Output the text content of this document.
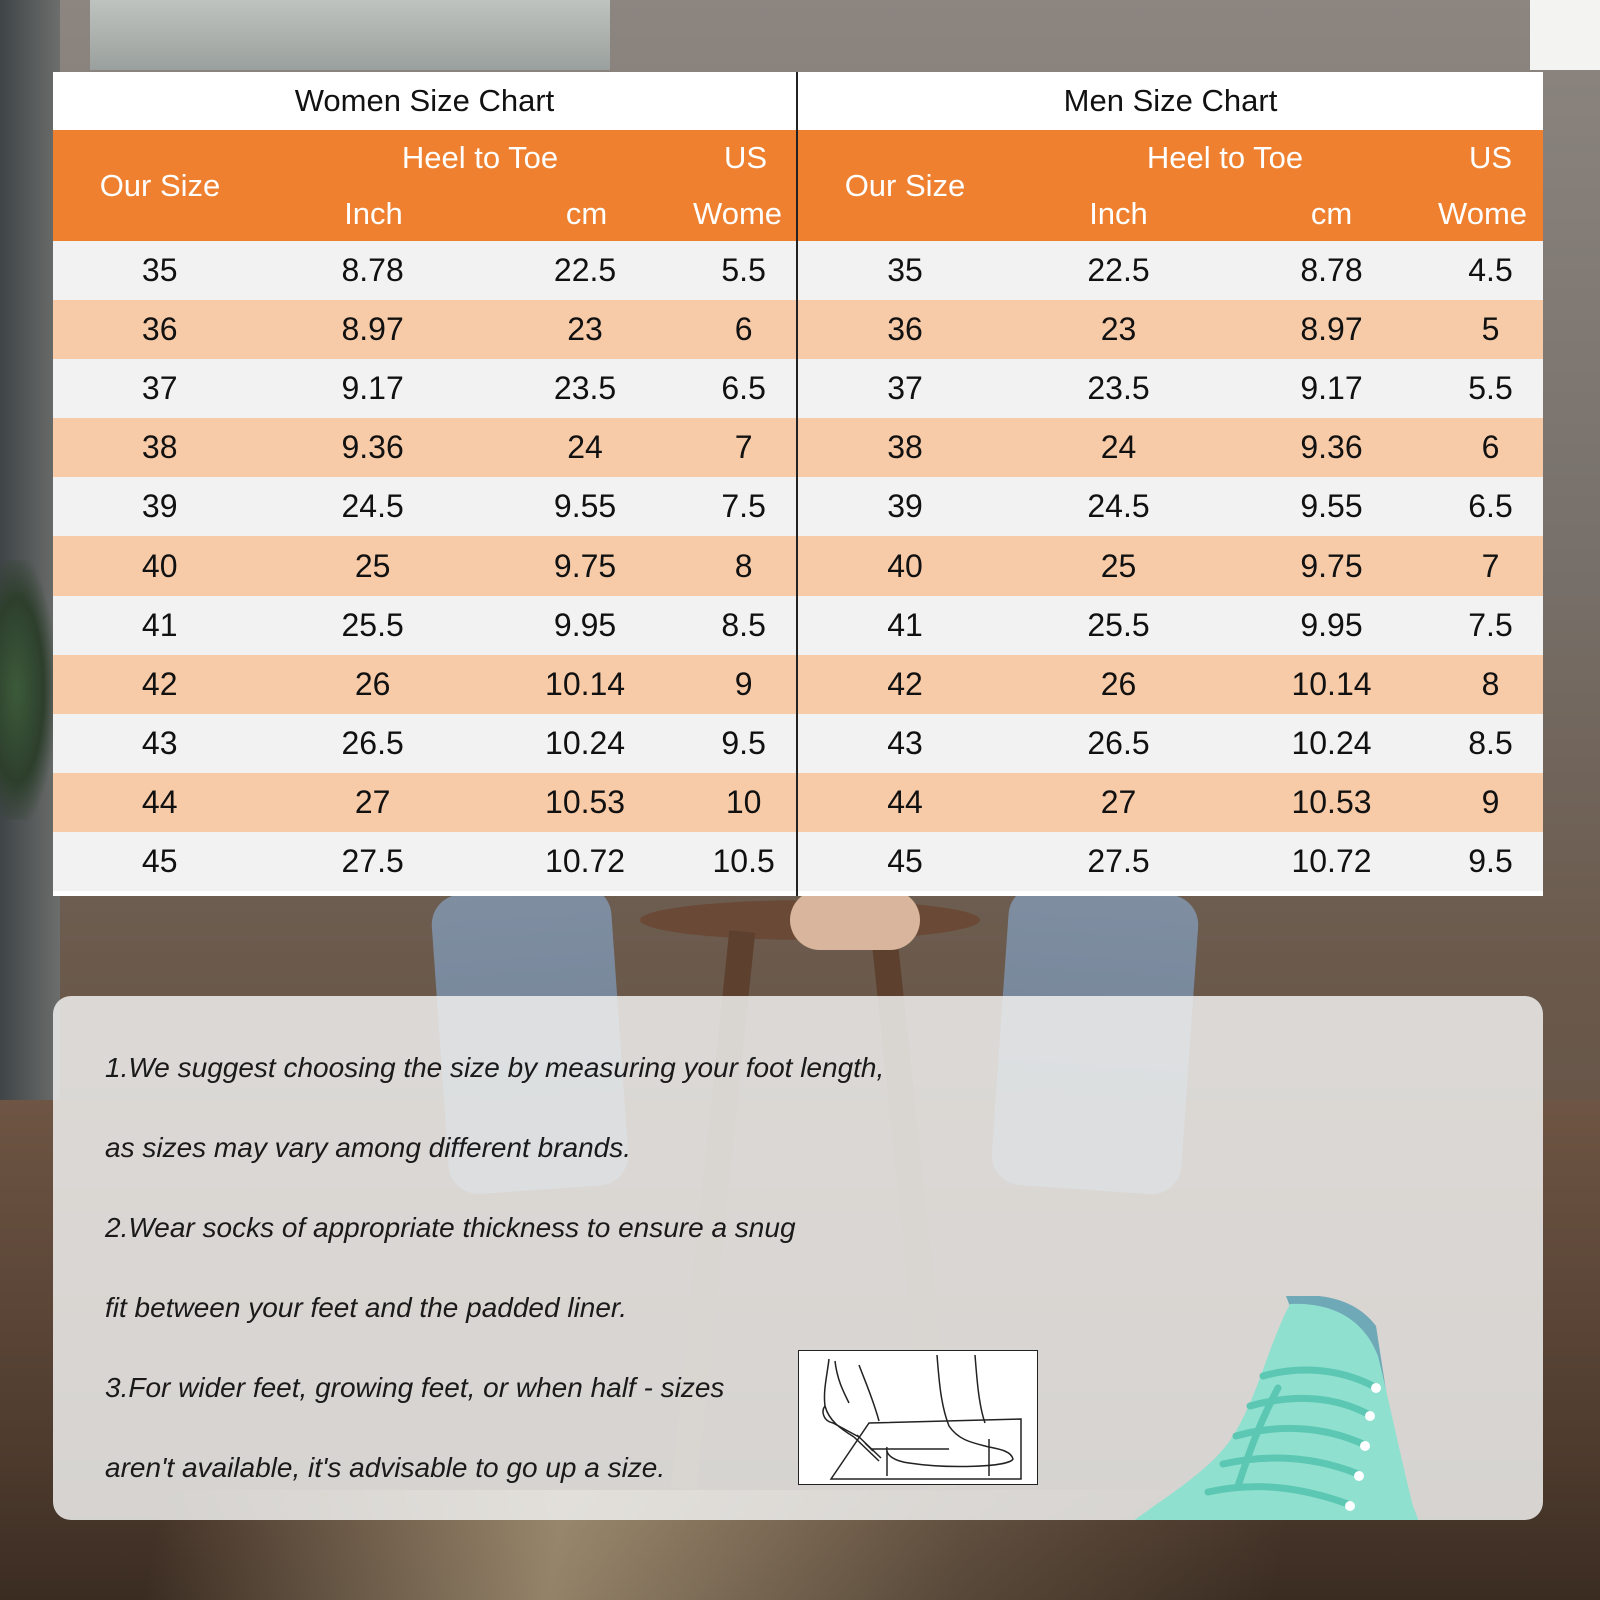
Women Size Chart
Our Size
Heel to Toe	US
Inch	cm	Wome
35	8.78	22.5	5.5
36	8.97	23	6
37	9.17	23.5	6.5
38	9.36	24	7
39	24.5	9.55	7.5
40	25	9.75	8
41	25.5	9.95	8.5
42	26	10.14	9
43	26.5	10.24	9.5
44	27	10.53	10
45	27.5	10.72	10.5
Men Size Chart
Our Size
Heel to Toe	US
Inch	cm	Wome
35	22.5	8.78	4.5
36	23	8.97	5
37	23.5	9.17	5.5
38	24	9.36	6
39	24.5	9.55	6.5
40	25	9.75	7
41	25.5	9.95	7.5
42	26	10.14	8
43	26.5	10.24	8.5
44	27	10.53	9
45	27.5	10.72	9.5
1.We suggest choosing the size by measuring your foot length,
as sizes may vary among different brands.
2.Wear socks of appropriate thickness to ensure a snug
fit between your feet and the padded liner.
3.For wider feet, growing feet, or when half - sizes
aren't available, it's advisable to go up a size.
